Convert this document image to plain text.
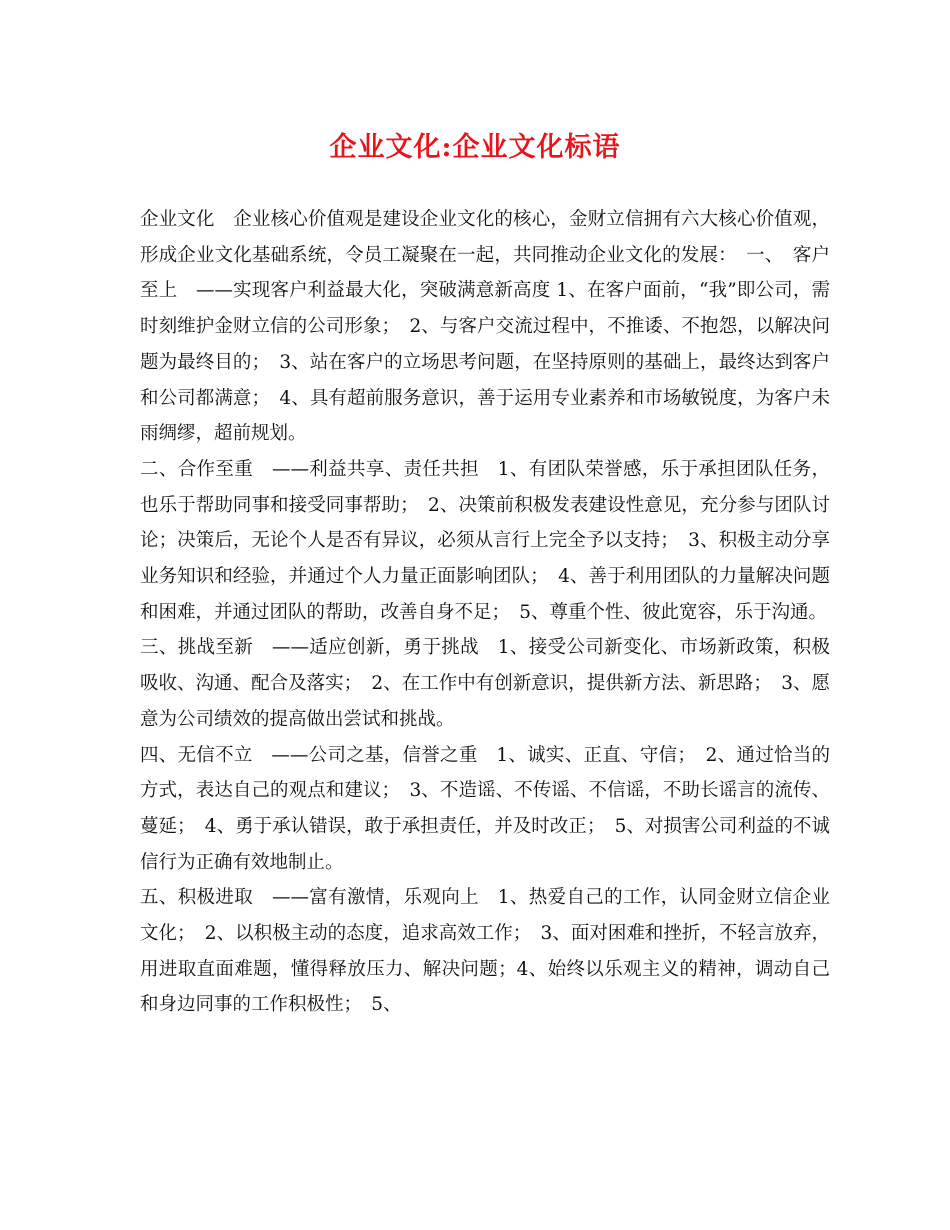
企业文化:企业文化标语

企业文化　企业核心价值观是建设企业文化的核心，金财立信拥有六大核心价值观，形成企业文化基础系统，令员工凝聚在一起，共同推动企业文化的发展：　一、　客户至上　——实现客户利益最大化，突破满意新高度 1、在客户面前，“我”即公司，需时刻维护金财立信的公司形象；　2、与客户交流过程中，不推诿、不抱怨，以解决问题为最终目的；　3、站在客户的立场思考问题，在坚持原则的基础上，最终达到客户和公司都满意；　4、具有超前服务意识，善于运用专业素养和市场敏锐度，为客户未雨绸缪，超前规划。

二、合作至重　——利益共享、责任共担　1、有团队荣誉感，乐于承担团队任务，也乐于帮助同事和接受同事帮助；　2、决策前积极发表建设性意见，充分参与团队讨论；决策后，无论个人是否有异议，必须从言行上完全予以支持；　3、积极主动分享业务知识和经验，并通过个人力量正面影响团队；　4、善于利用团队的力量解决问题和困难，并通过团队的帮助，改善自身不足；　5、尊重个性、彼此宽容，乐于沟通。

三、挑战至新　——适应创新，勇于挑战　1、接受公司新变化、市场新政策，积极吸收、沟通、配合及落实；　2、在工作中有创新意识，提供新方法、新思路；　3、愿意为公司绩效的提高做出尝试和挑战。

四、无信不立　——公司之基，信誉之重　1、诚实、正直、守信；　2、通过恰当的方式，表达自己的观点和建议；　3、不造谣、不传谣、不信谣，不助长谣言的流传、蔓延；　4、勇于承认错误，敢于承担责任，并及时改正；　5、对损害公司利益的不诚信行为正确有效地制止。

五、积极进取　——富有激情，乐观向上　1、热爱自己的工作，认同金财立信企业文化；　2、以积极主动的态度，追求高效工作；　3、面对困难和挫折，不轻言放弃，用进取直面难题，懂得释放压力、解决问题；4、始终以乐观主义的精神，调动自己和身边同事的工作积极性；　5、
